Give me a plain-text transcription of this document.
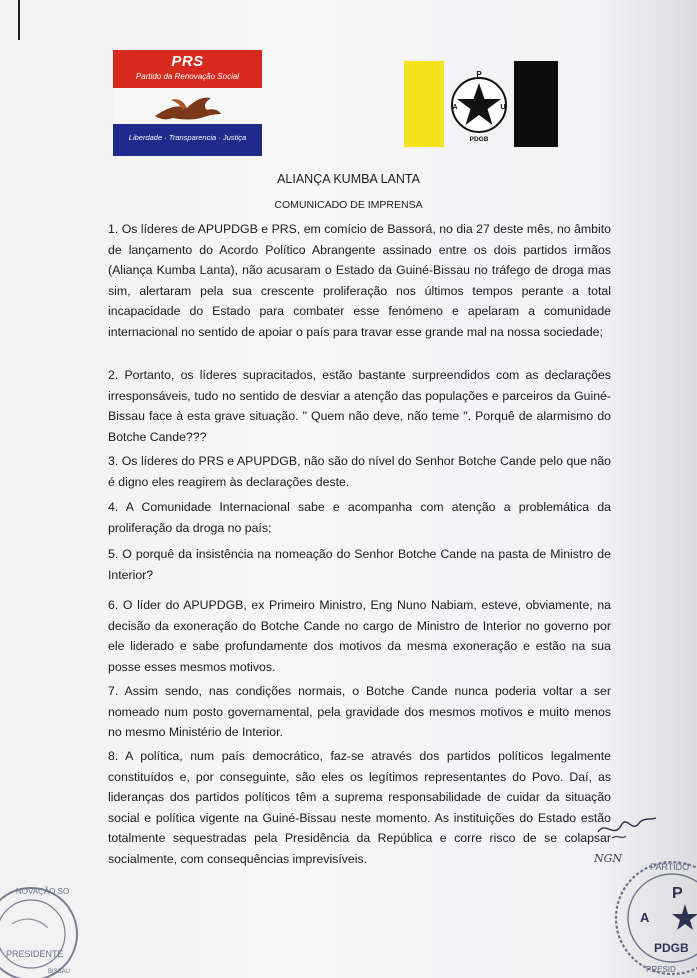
PRS
Partido da Renovação Social
Liberdade · Transparencia · Justiça
P
A	U
PDGB
ALIANÇA KUMBA LANTA
COMUNICADO DE IMPRENSA

1. Os líderes de APUPDGB e PRS, em comício de Bassorá, no dia 27 deste mês, no âmbito de lançamento do Acordo Político Abrangente assinado entre os dois partidos irmãos (Aliança Kumba Lanta), não acusaram o Estado da Guiné-Bissau no tráfego de droga mas sim, alertaram pela sua crescente proliferação nos últimos tempos perante a total incapacidade do Estado para combater esse fenómeno e apelaram a comunidade internacional no sentido de apoiar o país para travar esse grande mal na nossa sociedade;

2. Portanto, os líderes supracitados, estão bastante surpreendidos com as declarações irresponsáveis, tudo no sentido de desviar a atenção das populações e parceiros da Guiné-Bissau face à esta grave situação. " Quem não deve, não teme ". Porquê de alarmismo do Botche Cande???

3. Os líderes do PRS e APUPDGB, não são do nível do Senhor Botche Cande pelo que não é digno eles reagirem às declarações deste.

4. A Comunidade Internacional sabe e acompanha com atenção a problemática da proliferação da droga no país;

5. O porquê da insistência na nomeação do Senhor Botche Cande na pasta de Ministro de Interior?

6. O líder do APUPDGB, ex Primeiro Ministro, Eng Nuno Nabiam, esteve, obviamente, na decisão da exoneração do Botche Cande no cargo de Ministro de Interior no governo por ele liderado e sabe profundamente dos motivos da mesma exoneração e estão na sua posse esses mesmos motivos.

7. Assim sendo, nas condições normais, o Botche Cande nunca poderia voltar a ser nomeado num posto governamental, pela gravidade dos mesmos motivos e muito menos no mesmo Ministério de Interior.

8. A política, num país democrático, faz-se através dos partidos políticos legalmente constituídos e, por conseguinte, são eles os legítimos representantes do Povo. Daí, as lideranças dos partidos políticos têm a suprema responsabilidade de cuidar da situação social e política vigente na Guiné-Bissau neste momento. As instituições do Estado estão totalmente sequestradas pela Presidência da República e corre risco de se colapsar socialmente, com consequências imprevisíveis.

NOVAÇÃO SO
PRESIDENTE
BISSAU
NGN
PARTIDO
P
A
PDGB
PRESID
